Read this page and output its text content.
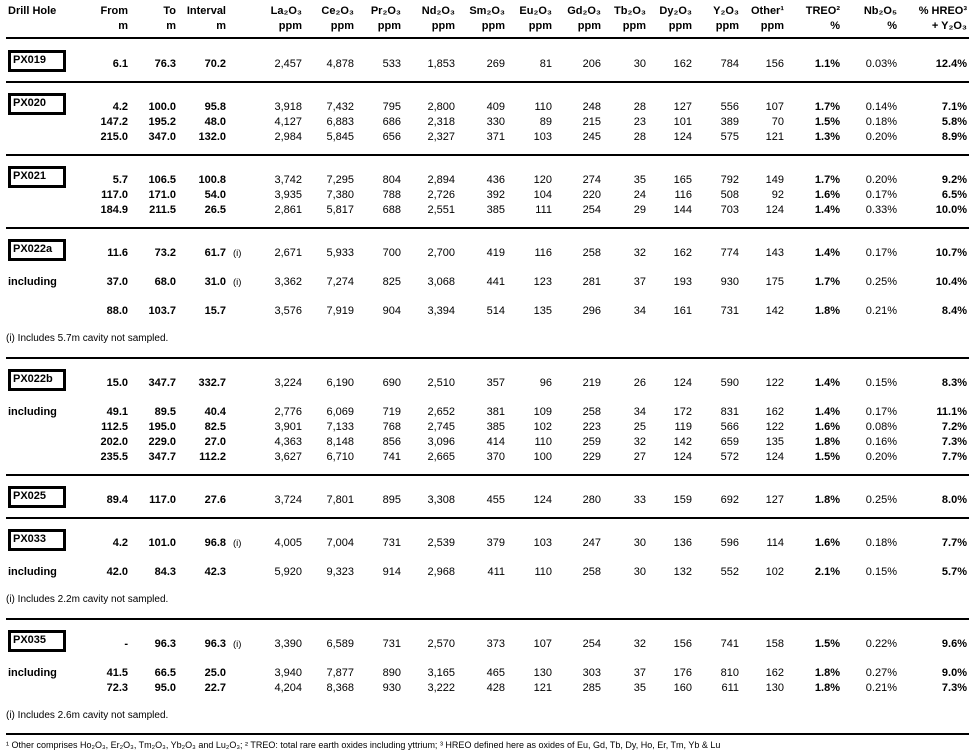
Drill Hole	From	To	Interval		La₂O₃	Ce₂O₃	Pr₂O₃	Nd₂O₃	Sm₂O₃	Eu₂O₃	Gd₂O₃	Tb₂O₃	Dy₂O₃	Y₂O₃	Other¹	TREO²	Nb₂O₅	% HREO³
	m	m	m		ppm	ppm	ppm	ppm	ppm	ppm	ppm	ppm	ppm	ppm	ppm	%	%	+ Y₂O₃
PX019	6.1	76.3	70.2		2,457	4,878	533	1,853	269	81	206	30	162	784	156	1.1%	0.03%	12.4%

PX020	4.2	100.0	95.8		3,918	7,432	795	2,800	409	110	248	28	127	556	107	1.7%	0.14%	7.1%
	147.2	195.2	48.0		4,127	6,883	686	2,318	330	89	215	23	101	389	70	1.5%	0.18%	5.8%
	215.0	347.0	132.0		2,984	5,845	656	2,327	371	103	245	28	124	575	121	1.3%	0.20%	8.9%

PX021	5.7	106.5	100.8		3,742	7,295	804	2,894	436	120	274	35	165	792	149	1.7%	0.20%	9.2%
	117.0	171.0	54.0		3,935	7,380	788	2,726	392	104	220	24	116	508	92	1.6%	0.17%	6.5%
	184.9	211.5	26.5		2,861	5,817	688	2,551	385	111	254	29	144	703	124	1.4%	0.33%	10.0%

PX022a	11.6	73.2	61.7	(i)	2,671	5,933	700	2,700	419	116	258	32	162	774	143	1.4%	0.17%	10.7%
including	37.0	68.0	31.0	(i)	3,362	7,274	825	3,068	441	123	281	37	193	930	175	1.7%	0.25%	10.4%
	88.0	103.7	15.7		3,576	7,919	904	3,394	514	135	296	34	161	731	142	1.8%	0.21%	8.4%
(i) Includes 5.7m cavity not sampled.																		

PX022b	15.0	347.7	332.7		3,224	6,190	690	2,510	357	96	219	26	124	590	122	1.4%	0.15%	8.3%
including	49.1	89.5	40.4		2,776	6,069	719	2,652	381	109	258	34	172	831	162	1.4%	0.17%	11.1%
	112.5	195.0	82.5		3,901	7,133	768	2,745	385	102	223	25	119	566	122	1.6%	0.08%	7.2%
	202.0	229.0	27.0		4,363	8,148	856	3,096	414	110	259	32	142	659	135	1.8%	0.16%	7.3%
	235.5	347.7	112.2		3,627	6,710	741	2,665	370	100	229	27	124	572	124	1.5%	0.20%	7.7%

PX025	89.4	117.0	27.6		3,724	7,801	895	3,308	455	124	280	33	159	692	127	1.8%	0.25%	8.0%

PX033	4.2	101.0	96.8	(i)	4,005	7,004	731	2,539	379	103	247	30	136	596	114	1.6%	0.18%	7.7%
including	42.0	84.3	42.3		5,920	9,323	914	2,968	411	110	258	30	132	552	102	2.1%	0.15%	5.7%
(i) Includes 2.2m cavity not sampled.																		

PX035	-	96.3	96.3	(i)	3,390	6,589	731	2,570	373	107	254	32	156	741	158	1.5%	0.22%	9.6%
including	41.5	66.5	25.0		3,940	7,877	890	3,165	465	130	303	37	176	810	162	1.8%	0.27%	9.0%
	72.3	95.0	22.7		4,204	8,368	930	3,222	428	121	285	35	160	611	130	1.8%	0.21%	7.3%
(i) Includes 2.6m cavity not sampled.																		
¹ Other comprises Ho₂O₃, Er₂O₃, Tm₂O₃, Yb₂O₃ and Lu₂O₃; ² TREO: total rare earth oxides including yttrium; ³ HREO defined here as oxides of Eu, Gd, Tb, Dy, Ho, Er, Tm, Yb & Lu
